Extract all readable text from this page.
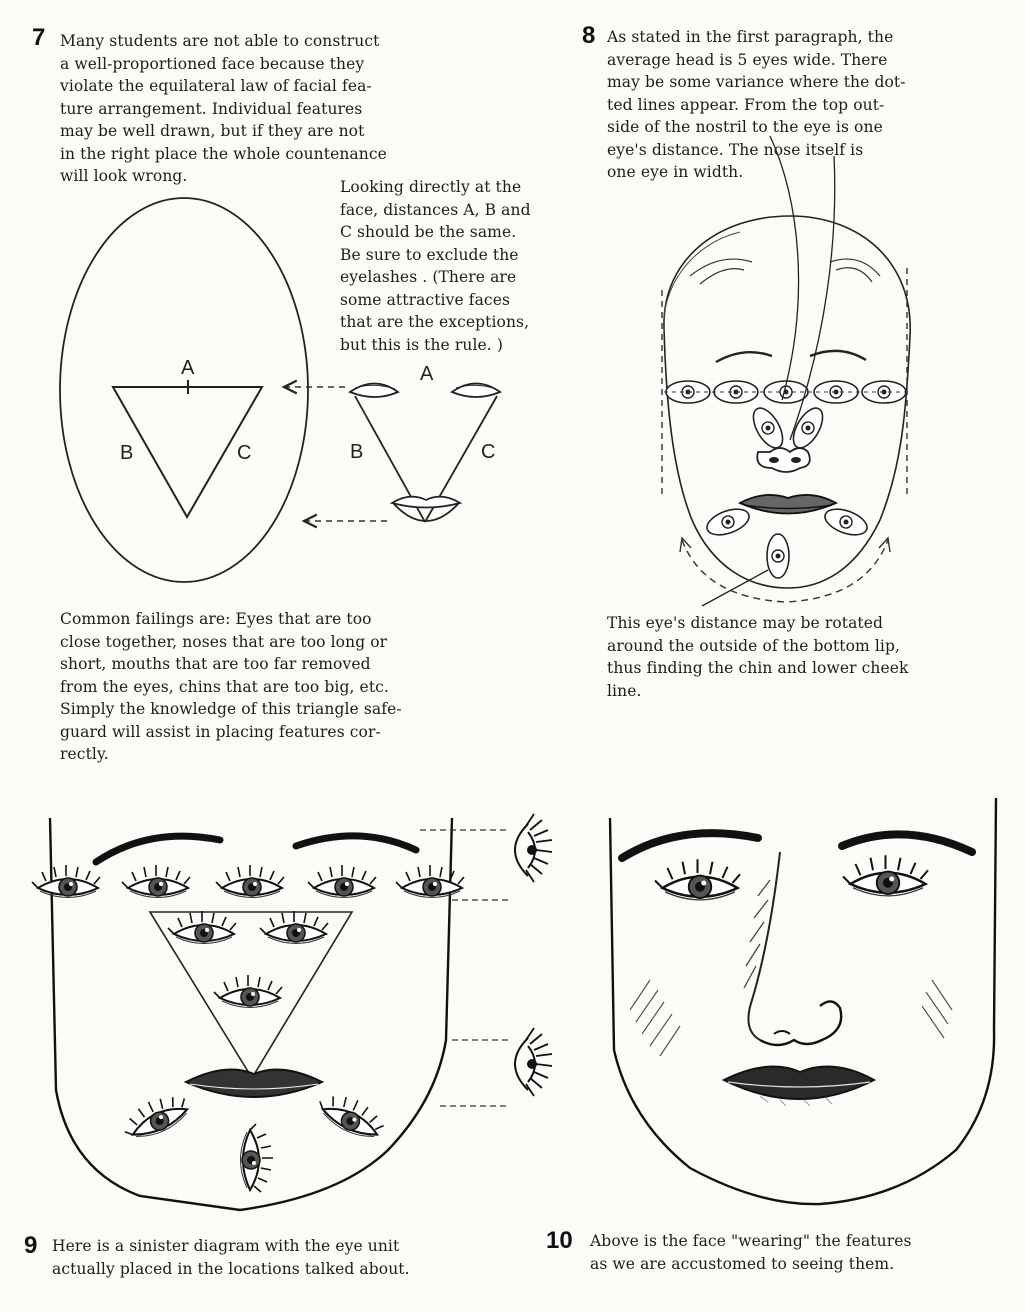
7 Many students are not able to construct
a well-proportioned face because they
violate the equilateral law of facial fea-
ture arrangement. Individual features
may be well drawn, but if they are not
in the right place the whole countenance
will look wrong.
Looking directly at the
face, distances A, B and
C should be the same.
Be sure to exclude the
eyelashes . (There are
some attractive faces
that are the exceptions,
but this is the rule. )
Common failings are: Eyes that are too
close together, noses that are too long or
short, mouths that are too far removed
from the eyes, chins that are too big, etc.
Simply the knowledge of this triangle safe-
guard will assist in placing features cor-
rectly.
8 As stated in the first paragraph, the
average head is 5 eyes wide. There
may be some variance where the dot-
ted lines appear. From the top out-
side of the nostril to the eye is one
eye's distance. The nose itself is
one eye in width.
This eye's distance may be rotated
around the outside of the bottom lip,
thus finding the chin and lower cheek
line.
9 Here is a sinister diagram with the eye unit
actually placed in the locations talked about.
10 Above is the face "wearing" the features
as we are accustomed to seeing them.
A
B	C
A
B	C
